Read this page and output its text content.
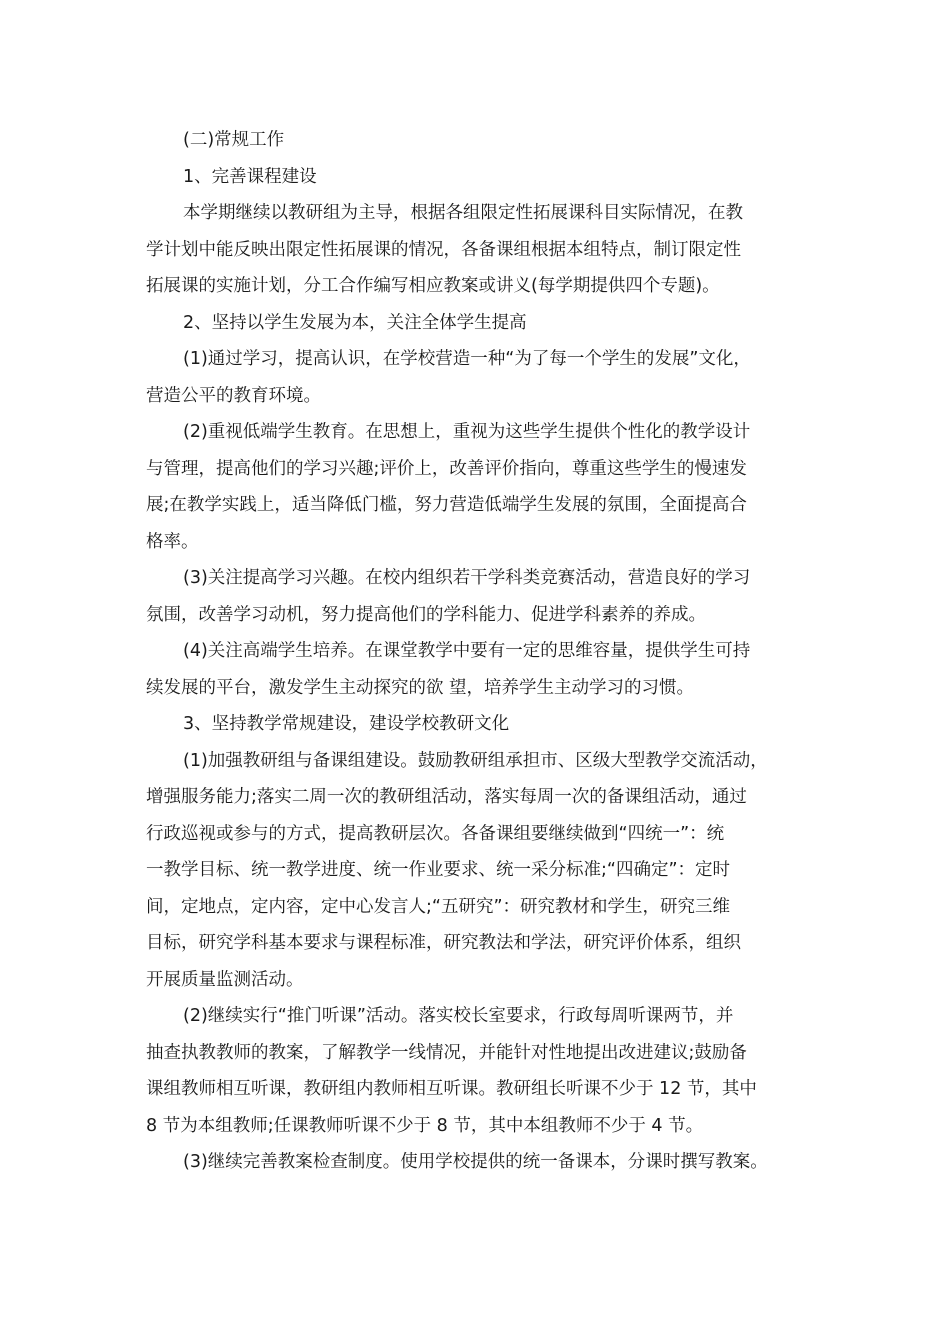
(二)常规工作
1、完善课程建设
本学期继续以教研组为主导，根据各组限定性拓展课科目实际情况，在教
学计划中能反映出限定性拓展课的情况，各备课组根据本组特点，制订限定性
拓展课的实施计划，分工合作编写相应教案或讲义(每学期提供四个专题)。
2、坚持以学生发展为本，关注全体学生提高
(1)通过学习，提高认识，在学校营造一种“为了每一个学生的发展”文化，
营造公平的教育环境。
(2)重视低端学生教育。在思想上，重视为这些学生提供个性化的教学设计
与管理，提高他们的学习兴趣;评价上，改善评价指向，尊重这些学生的慢速发
展;在教学实践上，适当降低门槛，努力营造低端学生发展的氛围，全面提高合
格率。
(3)关注提高学习兴趣。在校内组织若干学科类竞赛活动，营造良好的学习
氛围，改善学习动机，努力提高他们的学科能力、促进学科素养的养成。
(4)关注高端学生培养。在课堂教学中要有一定的思维容量，提供学生可持
续发展的平台，激发学生主动探究的欲 望，培养学生主动学习的习惯。
3、坚持教学常规建设，建设学校教研文化
(1)加强教研组与备课组建设。鼓励教研组承担市、区级大型教学交流活动，
增强服务能力;落实二周一次的教研组活动，落实每周一次的备课组活动，通过
行政巡视或参与的方式，提高教研层次。各备课组要继续做到“四统一”：统
一教学目标、统一教学进度、统一作业要求、统一采分标准;“四确定”：定时
间，定地点，定内容，定中心发言人;“五研究”：研究教材和学生，研究三维
目标，研究学科基本要求与课程标准，研究教法和学法，研究评价体系，组织
开展质量监测活动。
(2)继续实行“推门听课”活动。落实校长室要求，行政每周听课两节，并
抽查执教教师的教案，了解教学一线情况，并能针对性地提出改进建议;鼓励备
课组教师相互听课，教研组内教师相互听课。教研组长听课不少于 12 节，其中
8 节为本组教师;任课教师听课不少于 8 节，其中本组教师不少于 4 节。
(3)继续完善教案检查制度。使用学校提供的统一备课本，分课时撰写教案。
